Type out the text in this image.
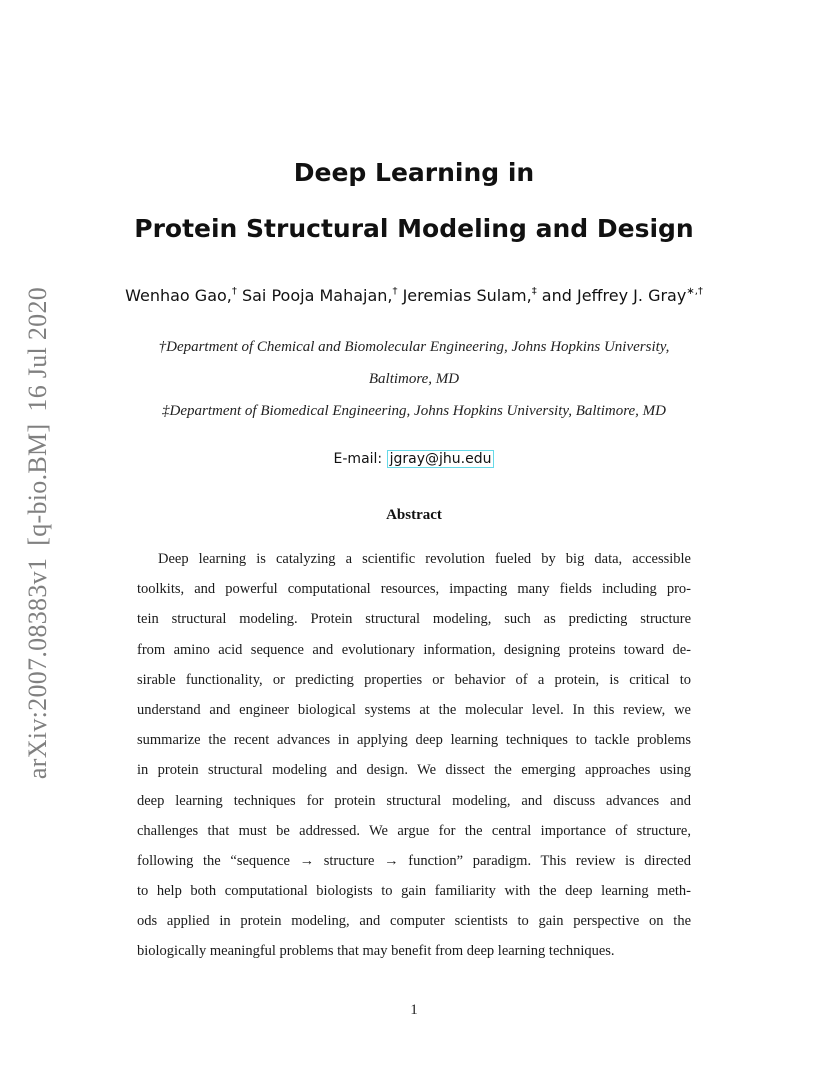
arXiv:2007.08383v1[q-bio.BM]16 Jul 2020
Deep Learning in
Protein Structural Modeling and Design
Wenhao Gao,† Sai Pooja Mahajan,† Jeremias Sulam,‡ and Jeffrey J. Gray∗,†
†Department of Chemical and Biomolecular Engineering, Johns Hopkins University,
Baltimore, MD
‡Department of Biomedical Engineering, Johns Hopkins University, Baltimore, MD
E-mail: jgray@jhu.edu
Abstract
Deep learning is catalyzing a scientific revolution fueled by big data, accessible
toolkits, and powerful computational resources, impacting many fields including pro-
tein structural modeling. Protein structural modeling, such as predicting structure
from amino acid sequence and evolutionary information, designing proteins toward de-
sirable functionality, or predicting properties or behavior of a protein, is critical to
understand and engineer biological systems at the molecular level. In this review, we
summarize the recent advances in applying deep learning techniques to tackle problems
in protein structural modeling and design. We dissect the emerging approaches using
deep learning techniques for protein structural modeling, and discuss advances and
challenges that must be addressed. We argue for the central importance of structure,
following the “sequence → structure → function” paradigm. This review is directed
to help both computational biologists to gain familiarity with the deep learning meth-
ods applied in protein modeling, and computer scientists to gain perspective on the
biologically meaningful problems that may benefit from deep learning techniques.
1
